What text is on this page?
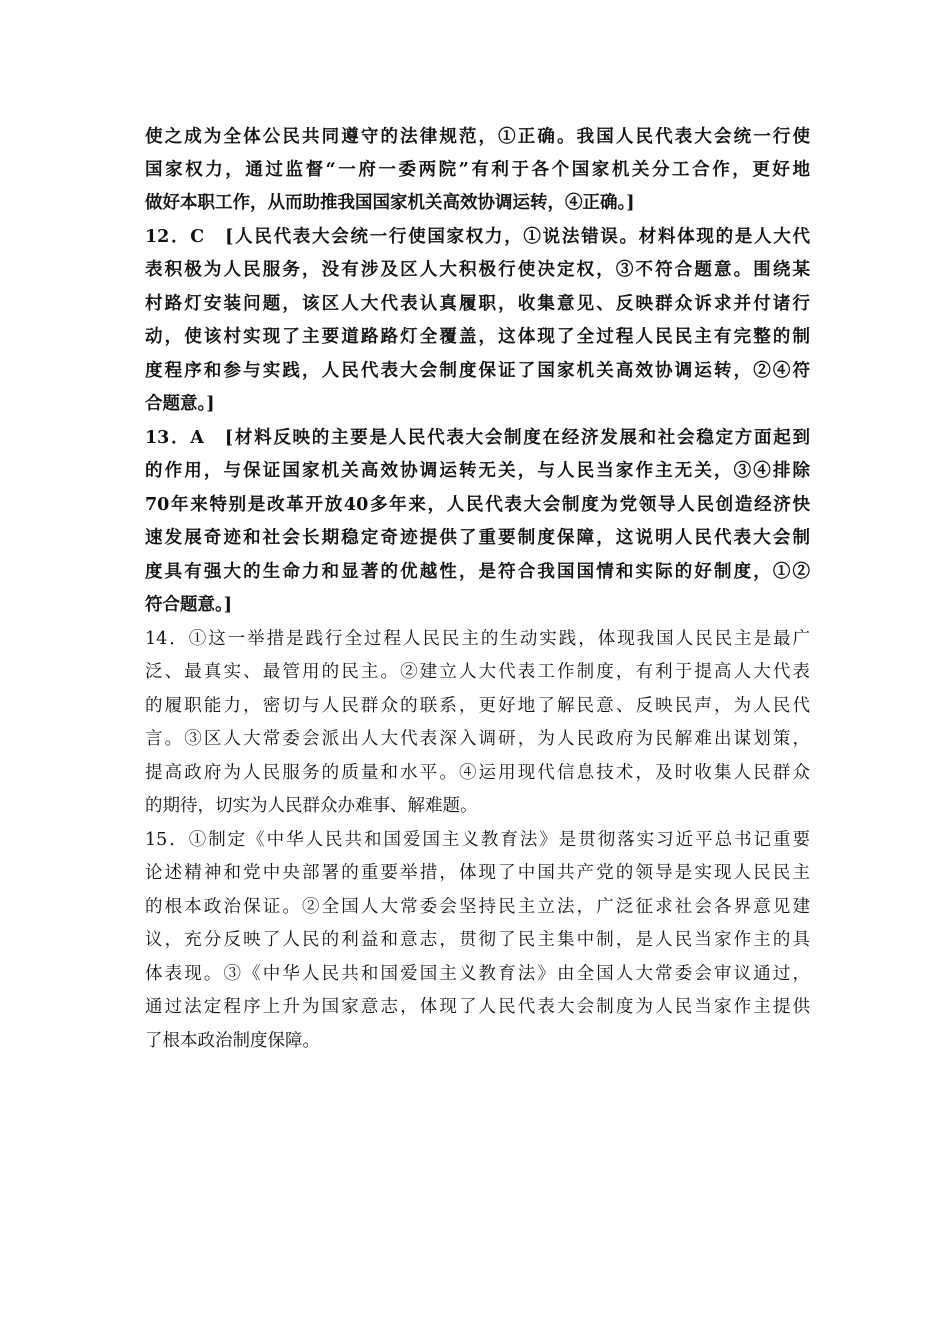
使之成为全体公民共同遵守的法律规范，①正确。我国人民代表大会统一行使

国家权力，通过监督“一府一委两院”有利于各个国家机关分工合作，更好地

做好本职工作，从而助推我国国家机关高效协调运转，④正确。]

12．C　[人民代表大会统一行使国家权力，①说法错误。材料体现的是人大代

表积极为人民服务，没有涉及区人大积极行使决定权，③不符合题意。围绕某

村路灯安装问题，该区人大代表认真履职，收集意见、反映群众诉求并付诸行

动，使该村实现了主要道路路灯全覆盖，这体现了全过程人民民主有完整的制

度程序和参与实践，人民代表大会制度保证了国家机关高效协调运转，②④符

合题意。]

13．A　[材料反映的主要是人民代表大会制度在经济发展和社会稳定方面起到

的作用，与保证国家机关高效协调运转无关，与人民当家作主无关，③④排除

70年来特别是改革开放40多年来，人民代表大会制度为党领导人民创造经济快

速发展奇迹和社会长期稳定奇迹提供了重要制度保障，这说明人民代表大会制

度具有强大的生命力和显著的优越性，是符合我国国情和实际的好制度，①②

符合题意。]

14．①这一举措是践行全过程人民民主的生动实践，体现我国人民民主是最广

泛、最真实、最管用的民主。②建立人大代表工作制度，有利于提高人大代表

的履职能力，密切与人民群众的联系，更好地了解民意、反映民声，为人民代

言。③区人大常委会派出人大代表深入调研，为人民政府为民解难出谋划策，

提高政府为人民服务的质量和水平。④运用现代信息技术，及时收集人民群众

的期待，切实为人民群众办难事、解难题。

15．①制定《中华人民共和国爱国主义教育法》是贯彻落实习近平总书记重要

论述精神和党中央部署的重要举措，体现了中国共产党的领导是实现人民民主

的根本政治保证。②全国人大常委会坚持民主立法，广泛征求社会各界意见建

议，充分反映了人民的利益和意志，贯彻了民主集中制，是人民当家作主的具

体表现。③《中华人民共和国爱国主义教育法》由全国人大常委会审议通过，

通过法定程序上升为国家意志，体现了人民代表大会制度为人民当家作主提供

了根本政治制度保障。
